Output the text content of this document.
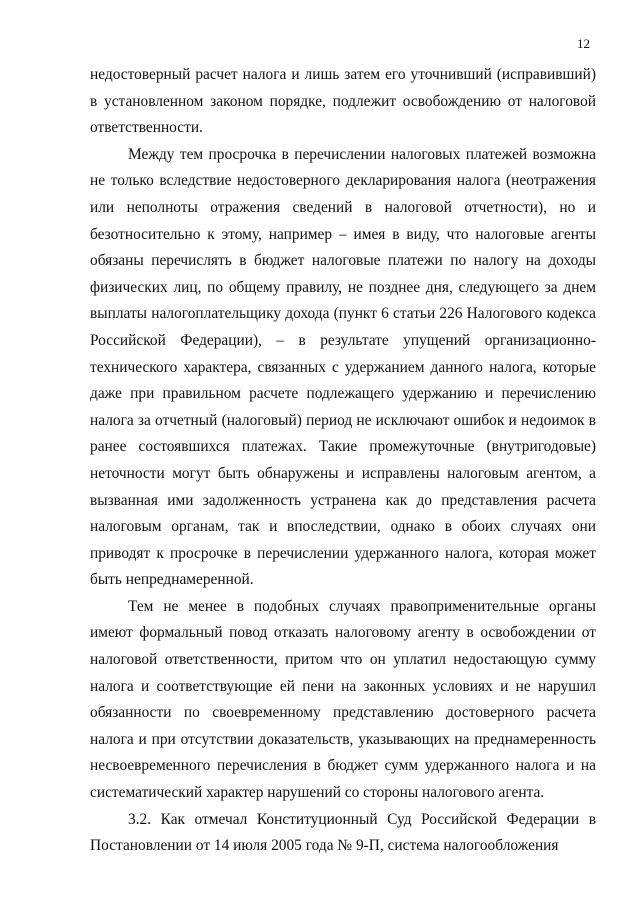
12

недостоверный расчет налога и лишь затем его уточнивший (исправивший) в установленном законом порядке, подлежит освобождению от налоговой ответственности.

Между тем просрочка в перечислении налоговых платежей возможна не только вследствие недостоверного декларирования налога (неотражения или неполноты отражения сведений в налоговой отчетности), но и безотносительно к этому, например – имея в виду, что налоговые агенты обязаны перечислять в бюджет налоговые платежи по налогу на доходы физических лиц, по общему правилу, не позднее дня, следующего за днем выплаты налогоплательщику дохода (пункт 6 статьи 226 Налогового кодекса Российской Федерации), – в результате упущений организационно-технического характера, связанных с удержанием данного налога, которые даже при правильном расчете подлежащего удержанию и перечислению налога за отчетный (налоговый) период не исключают ошибок и недоимок в ранее состоявшихся платежах. Такие промежуточные (внутригодовые) неточности могут быть обнаружены и исправлены налоговым агентом, а вызванная ими задолженность устранена как до представления расчета налоговым органам, так и впоследствии, однако в обоих случаях они приводят к просрочке в перечислении удержанного налога, которая может быть непреднамеренной.

Тем не менее в подобных случаях правоприменительные органы имеют формальный повод отказать налоговому агенту в освобождении от налоговой ответственности, притом что он уплатил недостающую сумму налога и соответствующие ей пени на законных условиях и не нарушил обязанности по своевременному представлению достоверного расчета налога и при отсутствии доказательств, указывающих на преднамеренность несвоевременного перечисления в бюджет сумм удержанного налога и на систематический характер нарушений со стороны налогового агента.

3.2. Как отмечал Конституционный Суд Российской Федерации в Постановлении от 14 июля 2005 года № 9-П, система налогообложения
